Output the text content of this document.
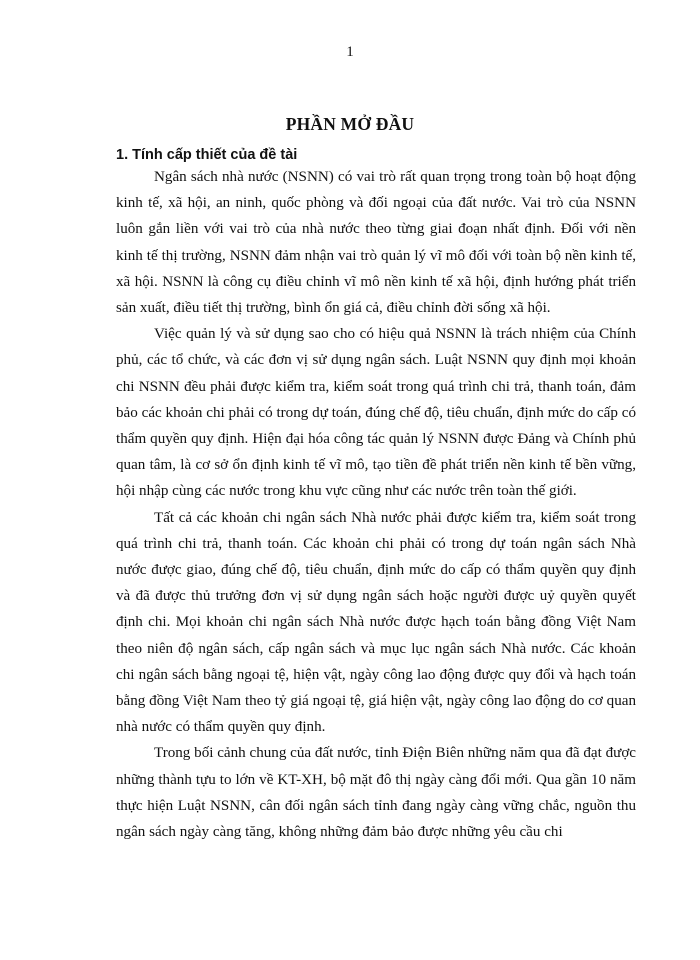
1
PHẦN MỞ ĐẦU
1. Tính cấp thiết của đề tài

Ngân sách nhà nước (NSNN) có vai trò rất quan trọng trong toàn bộ hoạt động kinh tế, xã hội, an ninh, quốc phòng và đối ngoại của đất nước. Vai trò của NSNN luôn gắn liền với vai trò của nhà nước theo từng giai đoạn nhất định. Đối với nền kinh tế thị trường, NSNN đảm nhận vai trò quản lý vĩ mô đối với toàn bộ nền kinh tế, xã hội. NSNN là công cụ điều chỉnh vĩ mô nền kinh tế xã hội, định hướng phát triển sản xuất, điều tiết thị trường, bình ổn giá cả, điều chỉnh đời sống xã hội.

Việc quản lý và sử dụng sao cho có hiệu quả NSNN là trách nhiệm của Chính phủ, các tổ chức, và các đơn vị sử dụng ngân sách. Luật NSNN quy định mọi khoản chi NSNN đều phải được kiểm tra, kiểm soát trong quá trình chi trả, thanh toán, đảm bảo các khoản chi phải có trong dự toán, đúng chế độ, tiêu chuẩn, định mức do cấp có thẩm quyền quy định. Hiện đại hóa công tác quản lý NSNN được Đảng và Chính phủ quan tâm, là cơ sở ổn định kinh tế vĩ mô, tạo tiền đề phát triển nền kinh tế bền vững, hội nhập cùng các nước trong khu vực cũng như các nước trên toàn thế giới.

Tất cả các khoản chi ngân sách Nhà nước phải được kiểm tra, kiểm soát trong quá trình chi trả, thanh toán. Các khoản chi phải có trong dự toán ngân sách Nhà nước được giao, đúng chế độ, tiêu chuẩn, định mức do cấp có thẩm quyền quy định và đã được thủ trưởng đơn vị sử dụng ngân sách hoặc người được uỷ quyền quyết định chi. Mọi khoản chi ngân sách Nhà nước được hạch toán bằng đồng Việt Nam theo niên độ ngân sách, cấp ngân sách và mục lục ngân sách Nhà nước. Các khoản chi ngân sách bằng ngoại tệ, hiện vật, ngày công lao động được quy đổi và hạch toán bằng đồng Việt Nam theo tỷ giá ngoại tệ, giá hiện vật, ngày công lao động do cơ quan nhà nước có thẩm quyền quy định.

Trong bối cảnh chung của đất nước, tỉnh Điện Biên những năm qua đã đạt được những thành tựu to lớn về KT-XH, bộ mặt đô thị ngày càng đổi mới. Qua gần 10 năm thực hiện Luật NSNN, cân đối ngân sách tỉnh đang ngày càng vững chắc, nguồn thu ngân sách ngày càng tăng, không những đảm bảo được những yêu cầu chi
